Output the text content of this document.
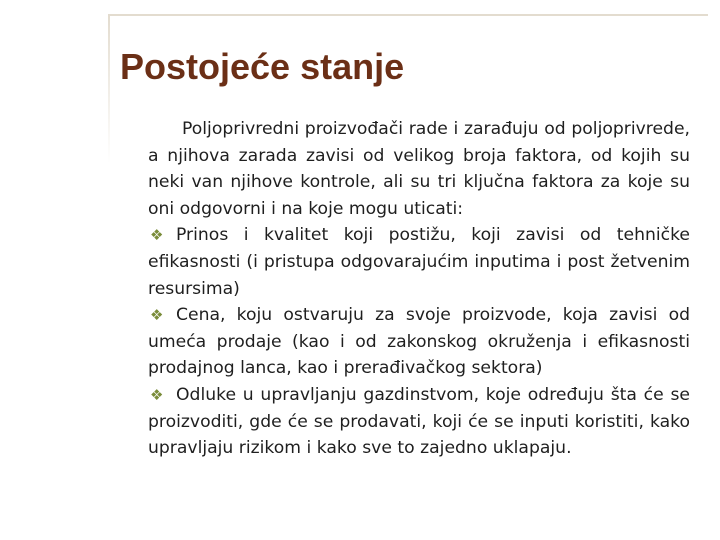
Postojeće stanje

Poljoprivredni proizvođači rade i zarađuju od poljoprivrede, a njihova zarada zavisi od velikog broja faktora, od kojih su neki van njihove kontrole, ali su tri ključna faktora za koje su oni odgovorni i na koje mogu uticati:

❖ Prinos i kvalitet koji postižu, koji zavisi od tehničke efikasnosti (i pristupa odgovarajućim inputima i post žetvenim resursima)

❖ Cena, koju ostvaruju za svoje proizvode, koja zavisi od umeća prodaje (kao i od zakonskog okruženja i efikasnosti prodajnog lanca, kao i prerađivačkog sektora)

❖ Odluke u upravljanju gazdinstvom, koje određuju šta će se proizvoditi, gde će se prodavati, koji će se inputi koristiti, kako upravljaju rizikom i kako sve to zajedno uklapaju.
